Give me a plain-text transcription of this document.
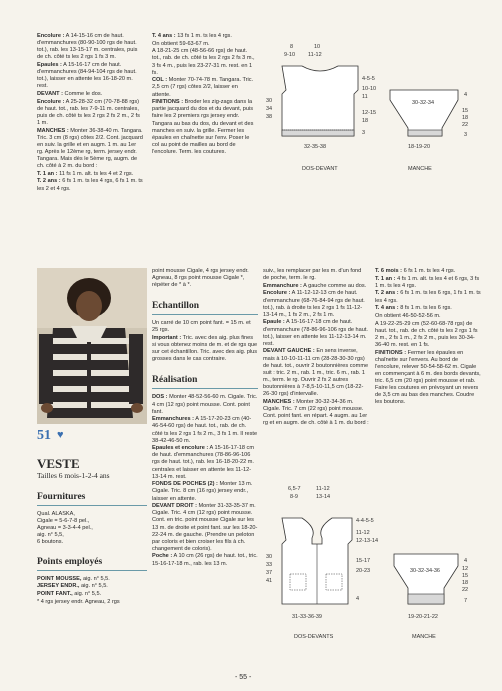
Encolure : A 14-15-16 cm de haut. d'emmanchures (80-90-100 rgs de haut. tot.), rab. les 13-15-17 m. centrales, puis de ch. côté ts les 2 rgs 1 fs 3 m.

Epaules : A 15-16-17 cm de haut. d'emmanchures (84-94-104 rgs de haut. tot.), laisser en attente les 16-18-20 m. rest.

DEVANT : Comme le dos.

Encolure : A 25-28-32 cm (70-78-88 rgs) de haut. tot., rab. les 7-9-11 m. centrales, puis de ch. côté ts les 2 rgs 2 fs 2 m., 2 fs 1 m.

MANCHES : Monter 36-38-40 m. Tangara. Tric. 3 cm (8 rgs) côtes 2/2. Cont. jacquard en suiv. la grille et en augm. 1 m. au 1er rg. Après le 12ème rg, term. jersey endr. Tangara. Mais dès le 5ème rg, augm. de ch. côté à 2 m. du bord :

T. 1 an : 11 fs 1 m. alt. ts les 4 et 2 rgs.

T. 2 ans : 6 fs 1 m. ts les 4 rgs, 6 fs 1 m. ts les 2 et 4 rgs.

T. 4 ans : 13 fs 1 m. ts les 4 rgs.

On obtient 59-63-67 m.

A 18-21-25 cm (48-56-66 rgs) de haut. tot., rab. de ch. côté ts les 2 rgs 2 fs 3 m., 3 fs 4 m., puis les 23-27-31 m. rest. en 1 fs.

COL : Monter 70-74-78 m. Tangara. Tric. 2,5 cm (7 rgs) côtes 2/2, laisser en attente.

FINITIONS : Broder les zig-zags dans la partie jacquard du dos et du devant, puis faire les 2 premiers rgs jersey endr. Tangara au bas du dos, du devant et des manches en suiv. la grille. Fermer les épaules en chaînette sur l'env. Poser le col au point de mailles au bord de l'encolure. Term. les coutures.

8	10
9-10 11-12
30
34
38
4-5-5
10-10
11
12-15
18
3
32-35-38
DOS-DEVANT
30-32-34
4
15
18
22
3
18-19-20
MANCHE
51 ♥
VESTE
Tailles 6 mois-1-2-4 ans
Fournitures
Qual. ALASKA,
Cigale = 5-6-7-8 pel.,
Agneau = 3-3-4-4 pel.,
aig. n° 5,5,
6 boutons.
Points employés

POINT MOUSSE, aig. n° 5,5.

JERSEY ENDR., aig. n° 5,5.

POINT FANT., aig. n° 5,5.

* 4 rgs jersey endr. Agneau, 2 rgs

point mousse Cigale, 4 rgs jersey endr. Agneau, 8 rgs point mousse Cigale *, répéter de * à *.

Echantillon

Un carré de 10 cm point fant. = 15 m. et 25 rgs.

Important : Tric. avec des aig. plus fines si vous obtenez moins de m. et de rgs que sur cet échantillon. Tric. avec des aig. plus grosses dans le cas contraire.

Réalisation

DOS : Monter 48-52-56-60 m. Cigale. Tric. 4 cm (12 rgs) point mousse. Cont. point fant.

Emmanchures : A 15-17-20-23 cm (40-46-54-60 rgs) de haut. tot., rab. de ch. côté ts les 2 rgs 1 fs 2 m., 3 fs 1 m. Il reste 38-42-46-50 m.

Epaules et encolure : A 15-16-17-18 cm de haut. d'emmanchures (78-86-96-106 rgs de haut. tot.), rab. les 16-18-20-22 m. centrales et laisser en attente les 11-12-13-14 m. rest.

FONDS DE POCHES (2) : Monter 13 m. Cigale. Tric. 8 cm (16 rgs) jersey endr., laisser en attente.

DEVANT DROIT : Monter 31-33-35-37 m. Cigale. Tric. 4 cm (12 rgs) point mousse. Cont. en tric. point mousse Cigale sur les 13 m. de droite et point fant. sur les 18-20-22-24 m. de gauche. (Prendre un peloton par coloris et bien croiser les fils à ch. changement de coloris).

Poche : A 10 cm (26 rgs) de haut. tot., tric. 15-16-17-18 m., rab. les 13 m.

suiv., les remplacer par les m. d'un fond de poche, term. le rg.

Emmanchure : A gauche comme au dos.

Encolure : A 11-12-12-13 cm de haut. d'emmanchure (68-76-84-94 rgs de haut. tot.), rab. à droite ts les 2 rgs 1 fs 11-12-13-14 m., 1 fs 2 m., 2 fs 1 m.

Epaule : A 15-16-17-18 cm de haut. d'emmanchure (78-86-96-106 rgs de haut. tot.), laisser en attente les 11-12-13-14 m. rest.

DEVANT GAUCHE : En sens inverse, mais à 10-10-11-11 cm (28-28-30-30 rgs) de haut. tot., ouvrir 2 boutonnières comme suit : tric. 2 m., rab. 1 m., tric. 6 m., rab. 1 m., term. le rg. Ouvrir 2 fs 2 autres boutonnières à 7-8,5-10-11,5 cm (18-22-26-30 rgs) d'intervalle.

MANCHES : Monter 30-32-34-36 m. Cigale. Tric. 7 cm (22 rgs) point mousse. Cont. point fant. en répart. 4 augm. au 1er rg et en augm. de ch. côté à 1 m. du bord :

T. 6 mois : 6 fs 1 m. ts les 4 rgs.

T. 1 an : 4 fs 1 m. alt. ts les 4 et 6 rgs, 3 fs 1 m. ts les 4 rgs.

T. 2 ans : 6 fs 1 m. ts les 6 rgs, 1 fs 1 m. ts les 4 rgs.

T. 4 ans : 8 fs 1 m. ts les 6 rgs.

On obtient 46-50-52-56 m.

A 19-22-25-29 cm (52-60-68-78 rgs) de haut. tot., rab. de ch. côté ts les 2 rgs 1 fs 2 m., 2 fs 1 m., 2 fs 2 m., puis les 30-34-36-40 m. rest. en 1 fs.

FINITIONS : Fermer les épaules en chaînette sur l'envers. Au bord de l'encolure, relever 50-54-58-62 m. Cigale en commençant à 6 m. des bords devants, tric. 6,5 cm (20 rgs) point mousse et rab. Faire les coutures en prévoyant un revers de 3,5 cm au bas des manches. Coudre les boutons.

6,5-7	11-12
8-9	13-14
30
33
37
41
4-4-5-5
11-12
12-13-14
15-17
20-23
4
31-33-36-39
DOS-DEVANTS
30-32-34-36
4
12
15
18
22
7
19-20-21-22
MANCHE
- 55 -
